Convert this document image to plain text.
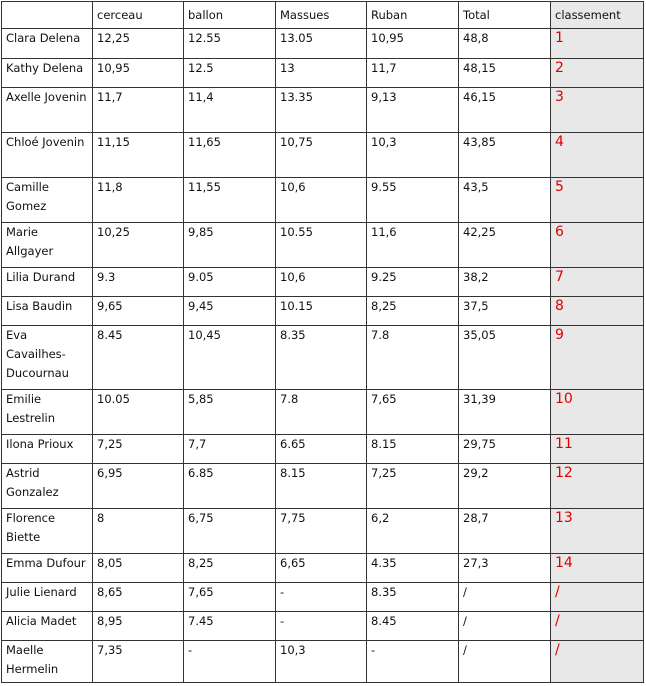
	cerceau	ballon	Massues	Ruban	Total	classement
Clara Delena	12,25	12.55	13.05	10,95	48,8	1
Kathy Delena	10,95	12.5	13	11,7	48,15	2
Axelle Jovenin	11,7	11,4	13.35	9,13	46,15	3
Chloé Jovenin	11,15	11,65	10,75	10,3	43,85	4
Camille Gomez	11,8	11,55	10,6	9.55	43,5	5
Marie Allgayer	10,25	9,85	10.55	11,6	42,25	6
Lilia Durand	9.3	9.05	10,6	9.25	38,2	7
Lisa Baudin	9,65	9,45	10.15	8,25	37,5	8
Eva Cavailhes-Ducournau	8.45	10,45	8.35	7.8	35,05	9
Emilie Lestrelin	10.05	5,85	7.8	7,65	31,39	10
Ilona Prioux	7,25	7,7	6.65	8.15	29,75	11
Astrid Gonzalez	6,95	6.85	8.15	7,25	29,2	12
Florence Biette	8	6,75	7,75	6,2	28,7	13
Emma Dufour	8,05	8,25	6,65	4.35	27,3	14
Julie Lienard	8,65	7,65	-	8.35	/	/
Alicia Madet	8,95	7.45	-	8.45	/	/
Maelle Hermelin	7,35	-	10,3	-	/	/
